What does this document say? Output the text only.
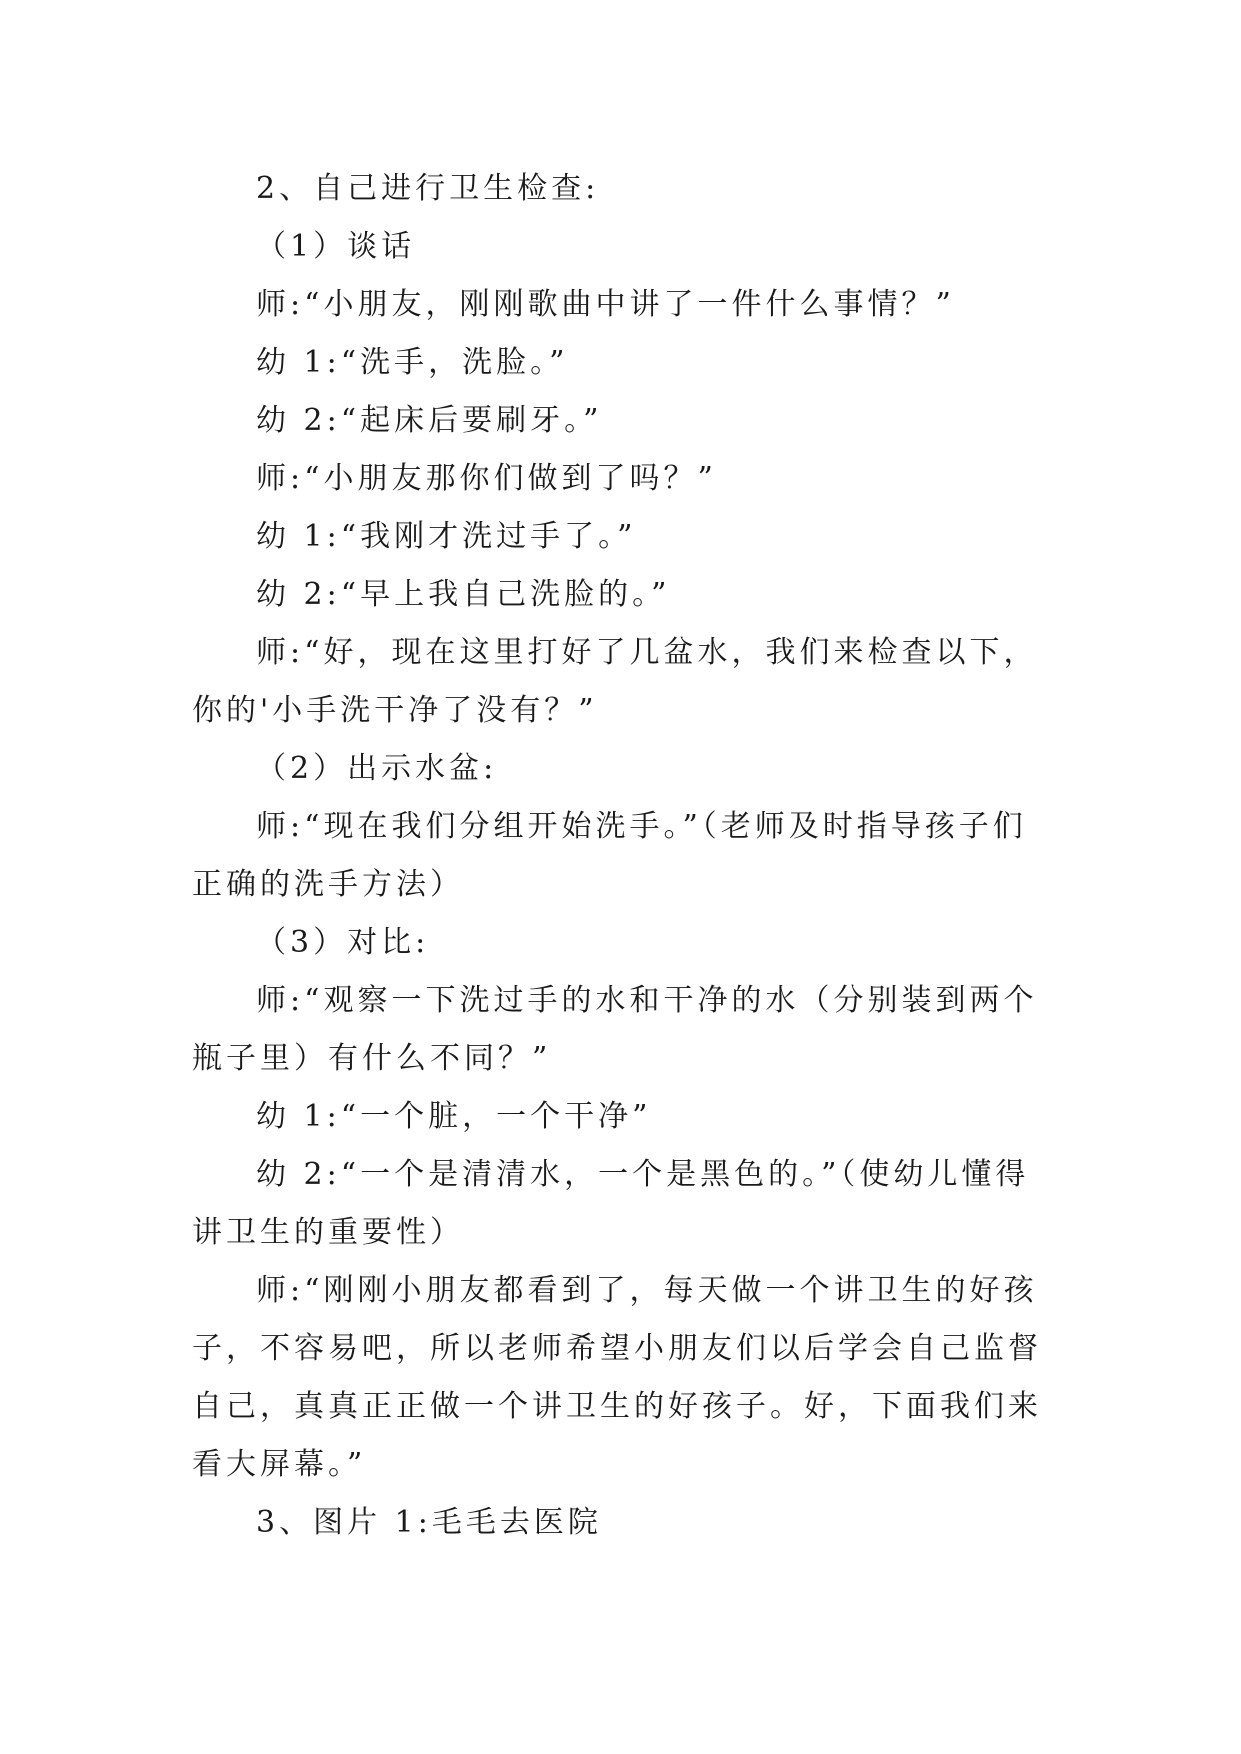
2、自己进行卫生检查:

（1）谈话

师:“小朋友，刚刚歌曲中讲了一件什么事情？”

幼 1:“洗手，洗脸。”

幼 2:“起床后要刷牙。”

师:“小朋友那你们做到了吗？”

幼 1:“我刚才洗过手了。”

幼 2:“早上我自己洗脸的。”

师:“好，现在这里打好了几盆水，我们来检查以下，你的'小手洗干净了没有？”

（2）出示水盆:

师:“现在我们分组开始洗手。”（老师及时指导孩子们正确的洗手方法）

（3）对比:

师:“观察一下洗过手的水和干净的水（分别装到两个瓶子里）有什么不同？”

幼 1:“一个脏，一个干净”

幼 2:“一个是清清水，一个是黑色的。”（使幼儿懂得讲卫生的重要性）

师:“刚刚小朋友都看到了，每天做一个讲卫生的好孩子，不容易吧，所以老师希望小朋友们以后学会自己监督自己，真真正正做一个讲卫生的好孩子。好，下面我们来看大屏幕。”

3、图片 1:毛毛去医院
